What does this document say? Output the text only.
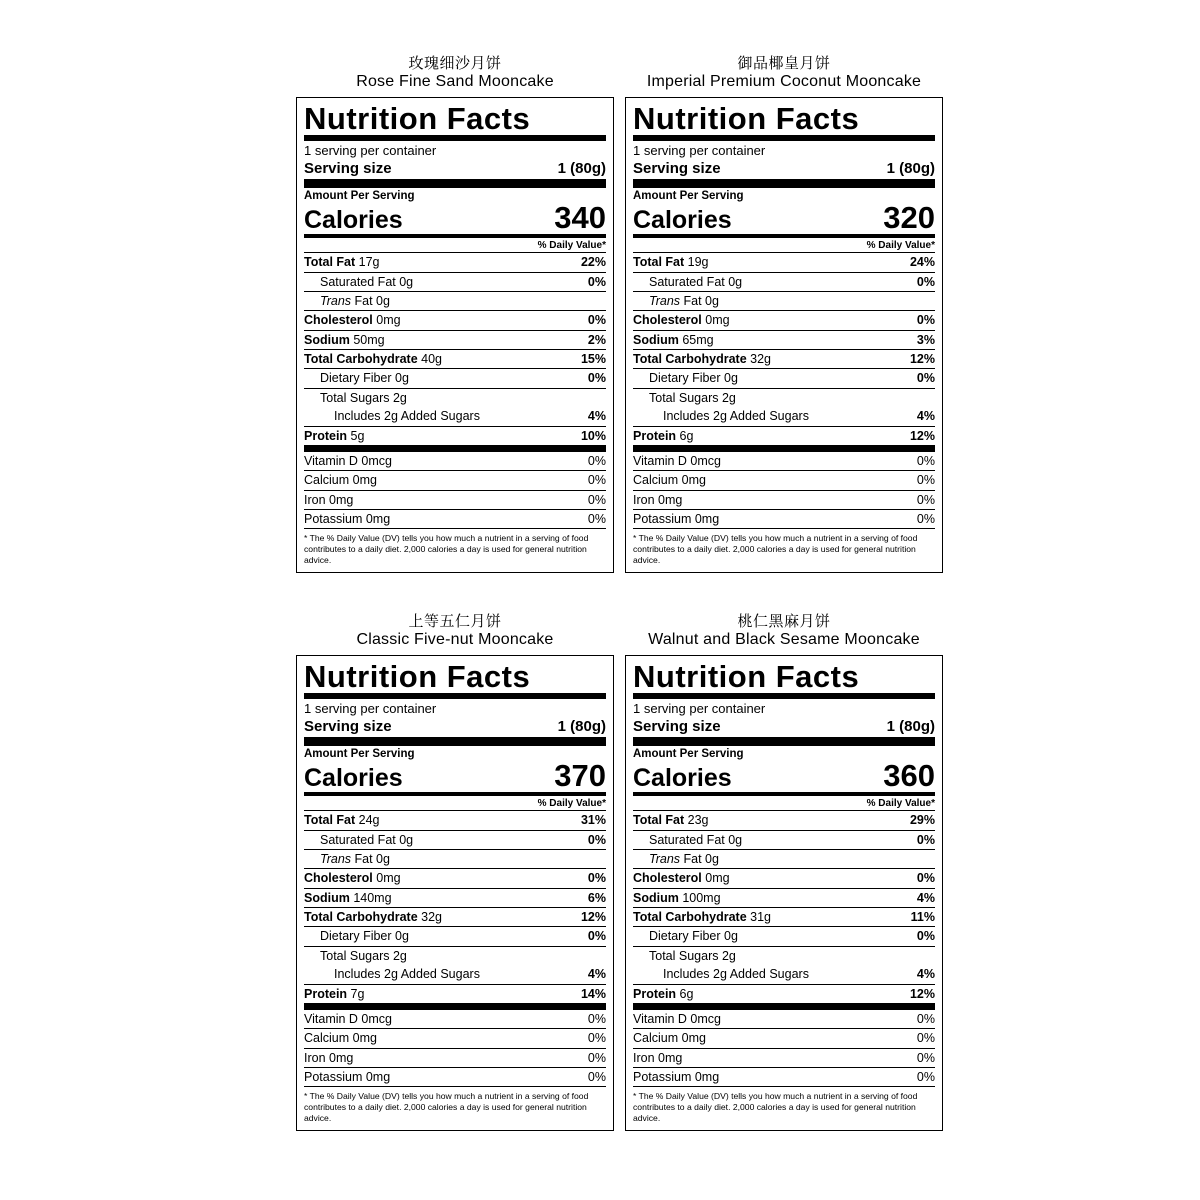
玫瑰细沙月饼
Rose Fine Sand Mooncake
Nutrition Facts
1 serving per container
Serving size	1 (80g)
Amount Per Serving
Calories	340
% Daily Value*
Total Fat 17g	22%
Saturated Fat 0g	0%
Trans Fat 0g
Cholesterol 0mg	0%
Sodium 50mg	2%
Total Carbohydrate 40g	15%
Dietary Fiber 0g	0%
Total Sugars 2g
Includes 2g Added Sugars	4%
Protein 5g	10%
Vitamin D 0mcg	0%
Calcium 0mg	0%
Iron 0mg	0%
Potassium 0mg	0%
* The % Daily Value (DV) tells you how much a nutrient in a serving of food contributes to a daily diet. 2,000 calories a day is used for general nutrition advice.
御品椰皇月饼
Imperial Premium Coconut Mooncake
Nutrition Facts
1 serving per container
Serving size	1 (80g)
Amount Per Serving
Calories	320
% Daily Value*
Total Fat 19g	24%
Saturated Fat 0g	0%
Trans Fat 0g
Cholesterol 0mg	0%
Sodium 65mg	3%
Total Carbohydrate 32g	12%
Dietary Fiber 0g	0%
Total Sugars 2g
Includes 2g Added Sugars	4%
Protein 6g	12%
Vitamin D 0mcg	0%
Calcium 0mg	0%
Iron 0mg	0%
Potassium 0mg	0%
* The % Daily Value (DV) tells you how much a nutrient in a serving of food contributes to a daily diet. 2,000 calories a day is used for general nutrition advice.
上等五仁月饼
Classic Five-nut Mooncake
Nutrition Facts
1 serving per container
Serving size	1 (80g)
Amount Per Serving
Calories	370
% Daily Value*
Total Fat 24g	31%
Saturated Fat 0g	0%
Trans Fat 0g
Cholesterol 0mg	0%
Sodium 140mg	6%
Total Carbohydrate 32g	12%
Dietary Fiber 0g	0%
Total Sugars 2g
Includes 2g Added Sugars	4%
Protein 7g	14%
Vitamin D 0mcg	0%
Calcium 0mg	0%
Iron 0mg	0%
Potassium 0mg	0%
* The % Daily Value (DV) tells you how much a nutrient in a serving of food contributes to a daily diet. 2,000 calories a day is used for general nutrition advice.
桃仁黑麻月饼
Walnut and Black Sesame Mooncake
Nutrition Facts
1 serving per container
Serving size	1 (80g)
Amount Per Serving
Calories	360
% Daily Value*
Total Fat 23g	29%
Saturated Fat 0g	0%
Trans Fat 0g
Cholesterol 0mg	0%
Sodium 100mg	4%
Total Carbohydrate 31g	11%
Dietary Fiber 0g	0%
Total Sugars 2g
Includes 2g Added Sugars	4%
Protein 6g	12%
Vitamin D 0mcg	0%
Calcium 0mg	0%
Iron 0mg	0%
Potassium 0mg	0%
* The % Daily Value (DV) tells you how much a nutrient in a serving of food contributes to a daily diet. 2,000 calories a day is used for general nutrition advice.
